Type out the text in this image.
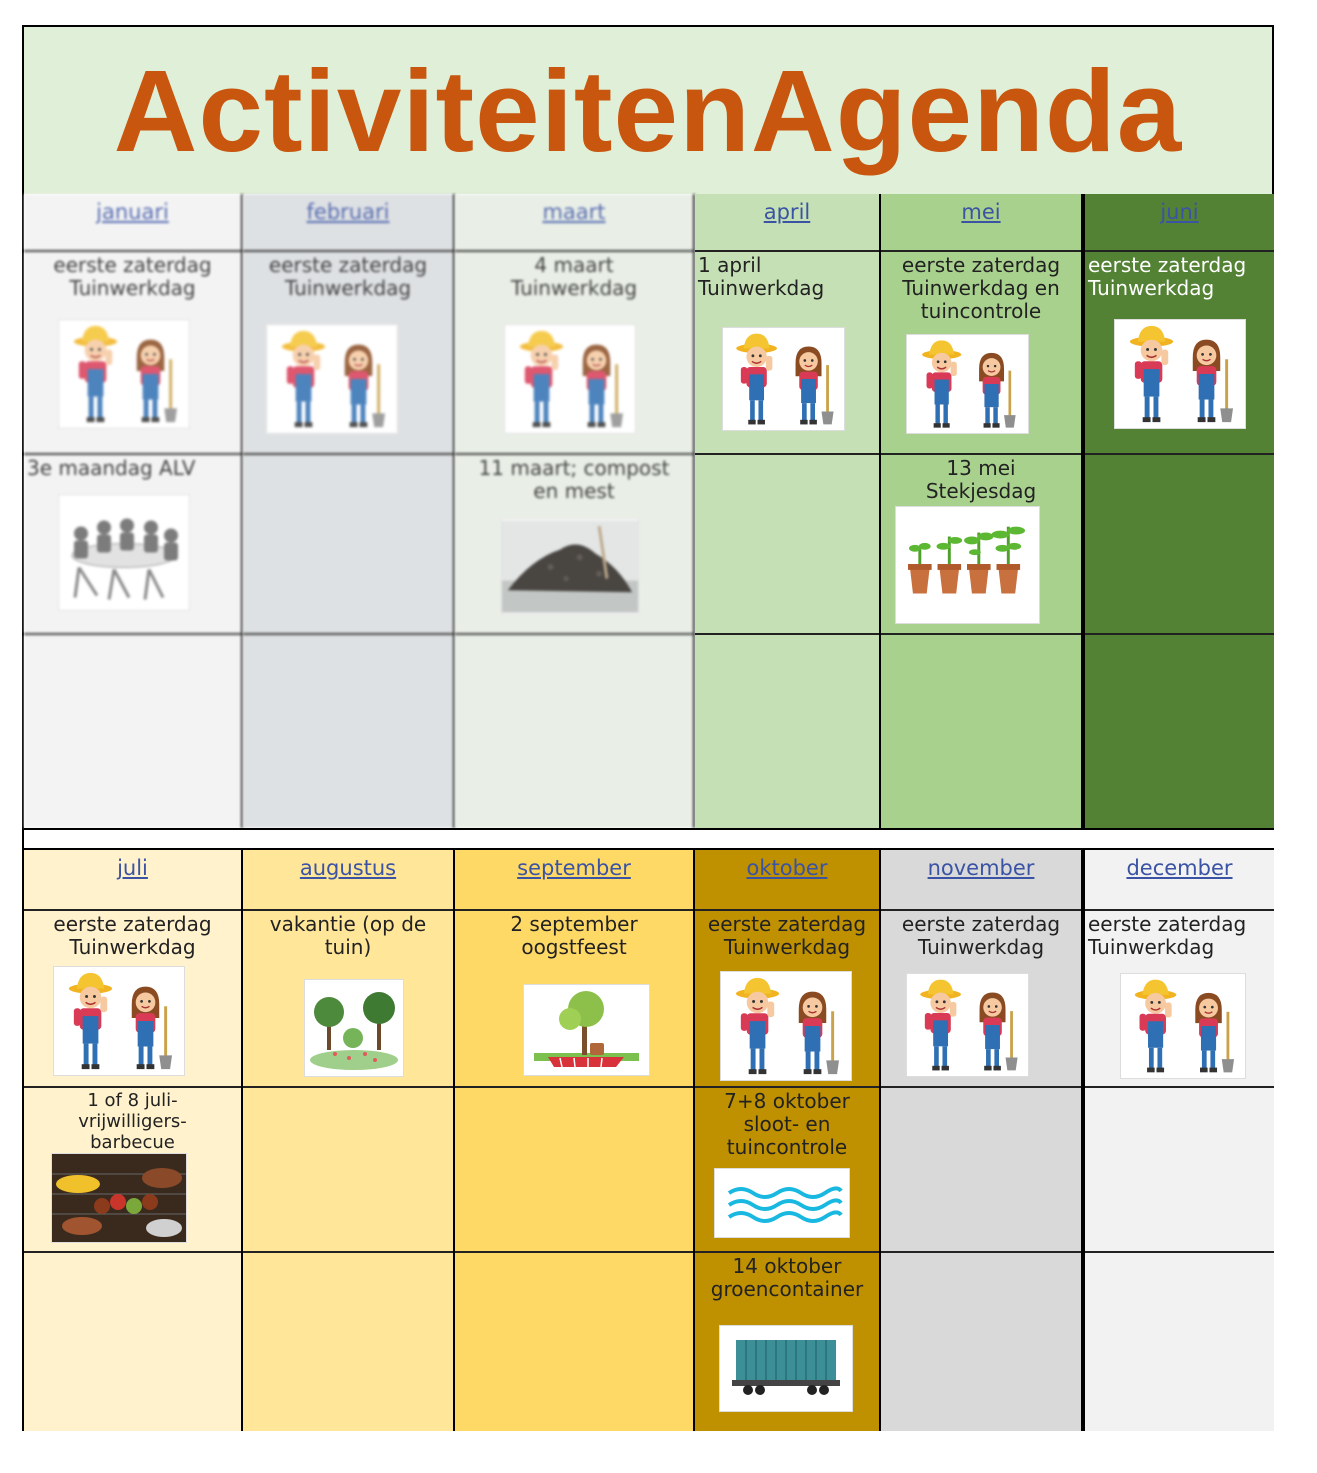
ActiviteitenAgenda
januari
eerste zaterdag
Tuinwerkdag
3e maandag ALV
februari
eerste zaterdag
Tuinwerkdag
maart
4 maart
Tuinwerkdag
11 maart; compost
en mest
april
1 april
Tuinwerkdag
mei
eerste zaterdag
Tuinwerkdag en
tuincontrole
13 mei
Stekjesdag
juni
eerste zaterdag
Tuinwerkdag
juli
eerste zaterdag
Tuinwerkdag
1 of 8 juli-
vrijwilligers-
barbecue
augustus
vakantie (op de
tuin)
september
2 september
oogstfeest
oktober
eerste zaterdag
Tuinwerkdag
7+8 oktober
sloot- en
tuincontrole
14 oktober
groencontainer
november
eerste zaterdag
Tuinwerkdag
december
eerste zaterdag
Tuinwerkdag
